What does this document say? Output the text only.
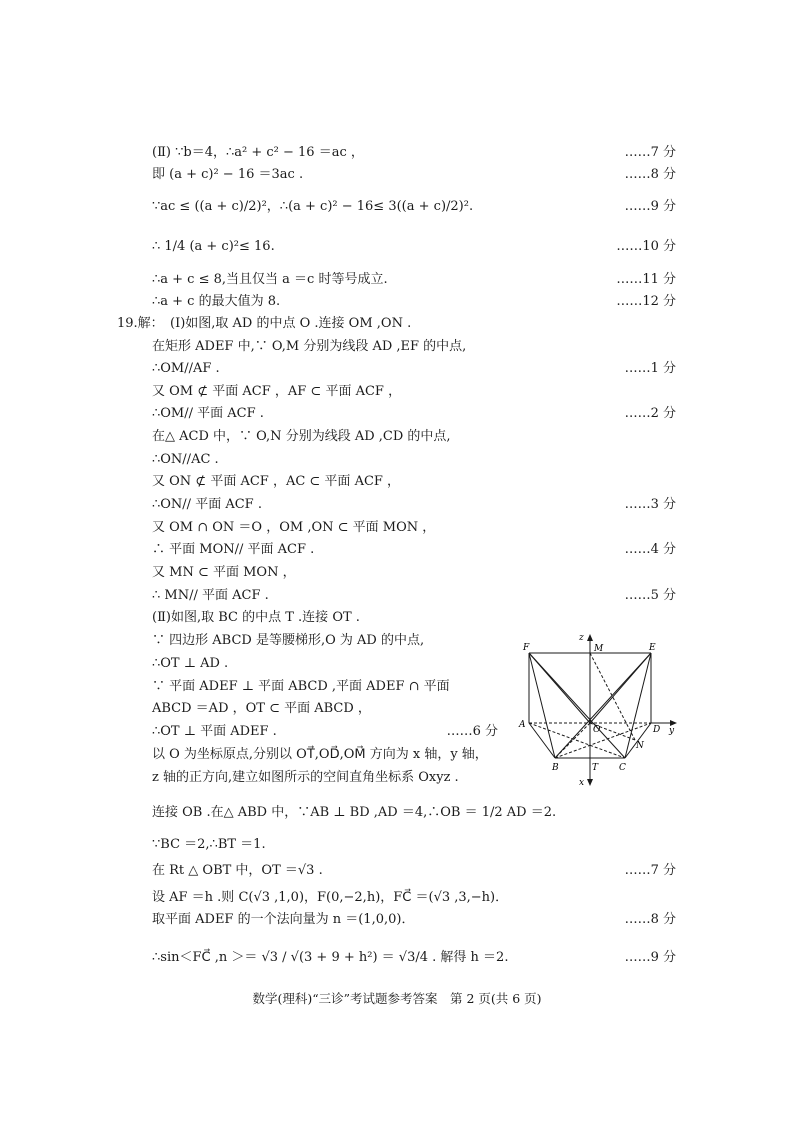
(Ⅱ) ∵b＝4，∴a² + c² − 16 ＝ac ，	……7 分
即 (a + c)² − 16 ＝3ac .	……8 分
∵ac ≤ ((a + c)/2)²，∴(a + c)² − 16≤ 3((a + c)/2)².	……9 分
∴ 1/4 (a + c)²≤ 16.	……10 分
∴a + c ≤ 8,当且仅当 a ＝c 时等号成立.	……11 分
∴a + c 的最大值为 8.	……12 分
19.解： (Ⅰ)如图,取 AD 的中点 O .连接 OM ,ON .
在矩形 ADEF 中,∵ O,M 分别为线段 AD ,EF 的中点,
∴OM//AF .	……1 分
又 OM ⊄ 平面 ACF ，AF ⊂ 平面 ACF ，
∴OM// 平面 ACF .	……2 分
在△ ACD 中，∵ O,N 分别为线段 AD ,CD 的中点,
∴ON//AC .
又 ON ⊄ 平面 ACF ，AC ⊂ 平面 ACF ，
∴ON// 平面 ACF .	……3 分
又 OM ∩ ON ＝O ，OM ,ON ⊂ 平面 MON ，
∴ 平面 MON// 平面 ACF .	……4 分
又 MN ⊂ 平面 MON ，
∴ MN// 平面 ACF .	……5 分
(Ⅱ)如图,取 BC 的中点 T .连接 OT .
∵ 四边形 ABCD 是等腰梯形,O 为 AD 的中点,
∴OT ⊥ AD .
∵ 平面 ADEF ⊥ 平面 ABCD ,平面 ADEF ∩ 平面
ABCD ＝AD ，OT ⊂ 平面 ABCD ，
∴OT ⊥ 平面 ADEF .	……6 分
以 O 为坐标原点,分别以 OT⃗,OD⃗,OM⃗ 方向为 x 轴，y 轴，
z 轴的正方向,建立如图所示的空间直角坐标系 Oxyz .
连接 OB .在△ ABD 中，∵AB ⊥ BD ,AD ＝4,∴OB ＝ 1/2 AD ＝2.
∵BC ＝2,∴BT ＝1.
在 Rt △ OBT 中，OT ＝√3 .	……7 分
设 AF ＝h .则 C(√3 ,1,0)，F(0,−2,h)，FC⃗ ＝(√3 ,3,−h)．
取平面 ADEF 的一个法向量为 n ＝(1,0,0)．	……8 分
∴sin＜FC⃗ ,n ＞＝ √3 / √(3 + 9 + h²) ＝ √3/4 . 解得 h ＝2.	……9 分
F	M	E
z
A	O	D y
N
B	T C
x
数学(理科)“三诊”考试题参考答案　第 2 页(共 6 页)
